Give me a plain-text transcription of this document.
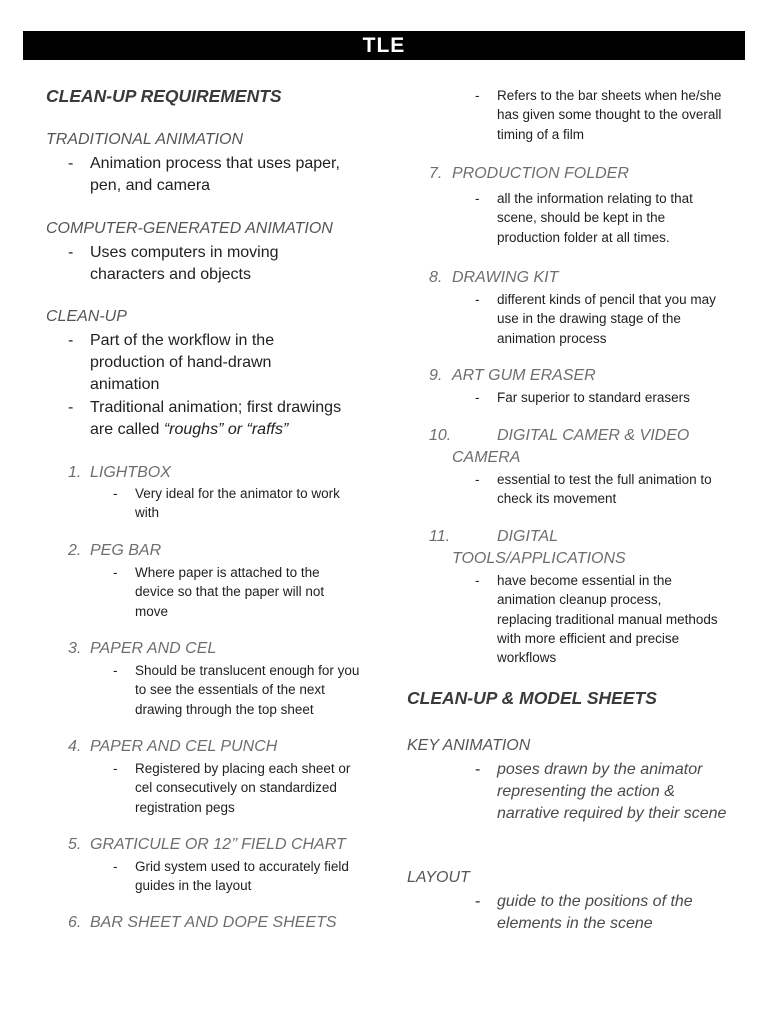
TLE
CLEAN-UP REQUIREMENTS
TRADITIONAL ANIMATION
- Animation process that uses paper, pen, and camera
COMPUTER-GENERATED ANIMATION
- Uses computers in moving characters and objects
CLEAN-UP
- Part of the workflow in the production of hand-drawn animation
- Traditional animation; first drawings are called “roughs” or “raffs”
1. LIGHTBOX
- Very ideal for the animator to work with
2. PEG BAR
- Where paper is attached to the device so that the paper will not move
3. PAPER AND CEL
- Should be translucent enough for you to see the essentials of the next drawing through the top sheet
4. PAPER AND CEL PUNCH
- Registered by placing each sheet or cel consecutively on standardized registration pegs
5. GRATICULE OR 12’’ FIELD CHART
- Grid system used to accurately field guides in the layout
6. BAR SHEET AND DOPE SHEETS
- Refers to the bar sheets when he/she has given some thought to the overall timing of a film
7. PRODUCTION FOLDER
- all the information relating to that scene, should be kept in the production folder at all times.
8. DRAWING KIT
- different kinds of pencil that you may use in the drawing stage of the animation process
9. ART GUM ERASER
- Far superior to standard erasers
10.	DIGITAL CAMER & VIDEO
CAMERA
- essential to test the full animation to check its movement
11.	DIGITAL
TOOLS/APPLICATIONS
- have become essential in the animation cleanup process, replacing traditional manual methods with more efficient and precise workflows
CLEAN-UP & MODEL SHEETS
KEY ANIMATION
- poses drawn by the animator representing the action & narrative required by their scene
LAYOUT
- guide to the positions of the elements in the scene
